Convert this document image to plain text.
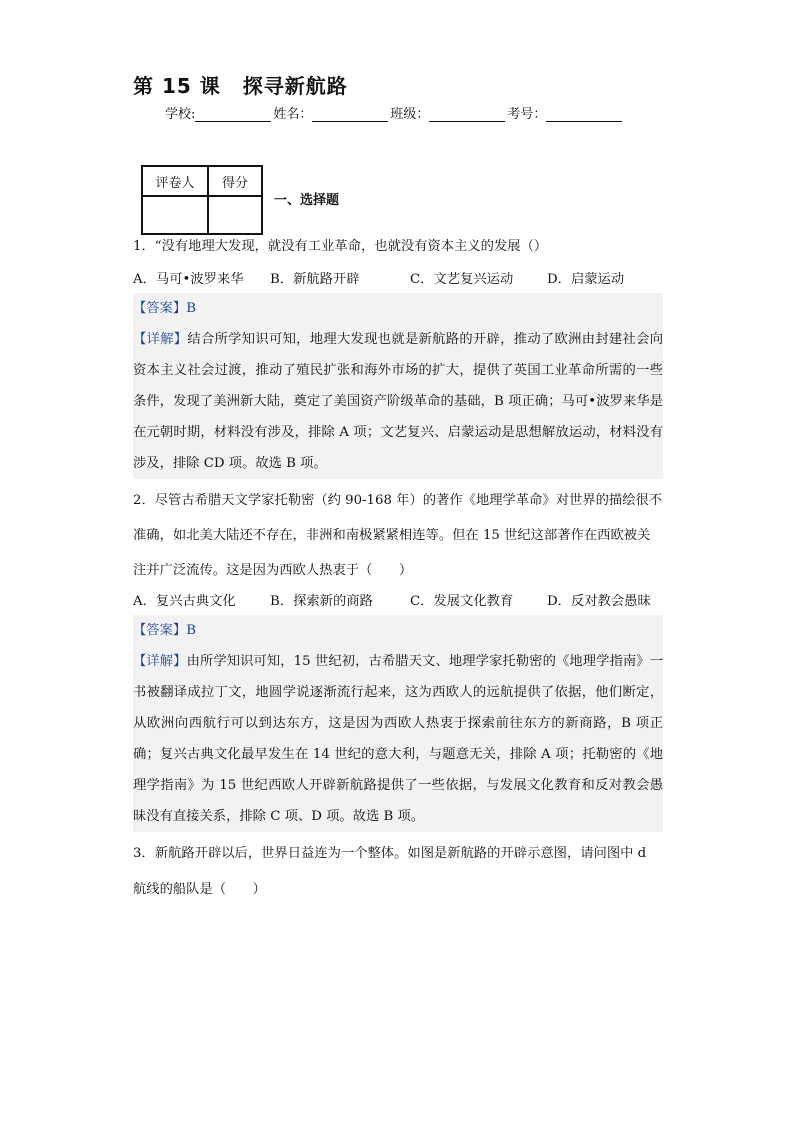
第 15 课 探寻新航路
学校:	姓名：	班级：	考号：
评卷人	得分

一、选择题
1．“没有地理大发现，就没有工业革命，也就没有资本主义的发展（）
A．马可•波罗来华	B．新航路开辟	C．文艺复兴运动	D．启蒙运动
【答案】B
【详解】结合所学知识可知，地理大发现也就是新航路的开辟，推动了欧洲由封建社会向资本主义社会过渡，推动了殖民扩张和海外市场的扩大，提供了英国工业革命所需的一些条件，发现了美洲新大陆，奠定了美国资产阶级革命的基础，B 项正确；马可•波罗来华是在元朝时期，材料没有涉及，排除 A 项；文艺复兴、启蒙运动是思想解放运动，材料没有涉及，排除 CD 项。故选 B 项。
2．尽管古希腊天文学家托勒密（约 90-168 年）的著作《地理学革命》对世界的描绘很不准确，如北美大陆还不存在，非洲和南极紧紧相连等。但在 15 世纪这部著作在西欧被关注并广泛流传。这是因为西欧人热衷于（　　）
A．复兴古典文化	B．探索新的商路	C．发展文化教育	D．反对教会愚昧
【答案】B
【详解】由所学知识可知，15 世纪初，古希腊天文、地理学家托勒密的《地理学指南》一书被翻译成拉丁文，地圆学说逐渐流行起来，这为西欧人的远航提供了依据，他们断定，从欧洲向西航行可以到达东方，这是因为西欧人热衷于探索前往东方的新商路，B 项正确；复兴古典文化最早发生在 14 世纪的意大利，与题意无关，排除 A 项；托勒密的《地理学指南》为 15 世纪西欧人开辟新航路提供了一些依据，与发展文化教育和反对教会愚昧没有直接关系，排除 C 项、D 项。故选 B 项。
3．新航路开辟以后，世界日益连为一个整体。如图是新航路的开辟示意图，请问图中 d 航线的船队是（　　）
